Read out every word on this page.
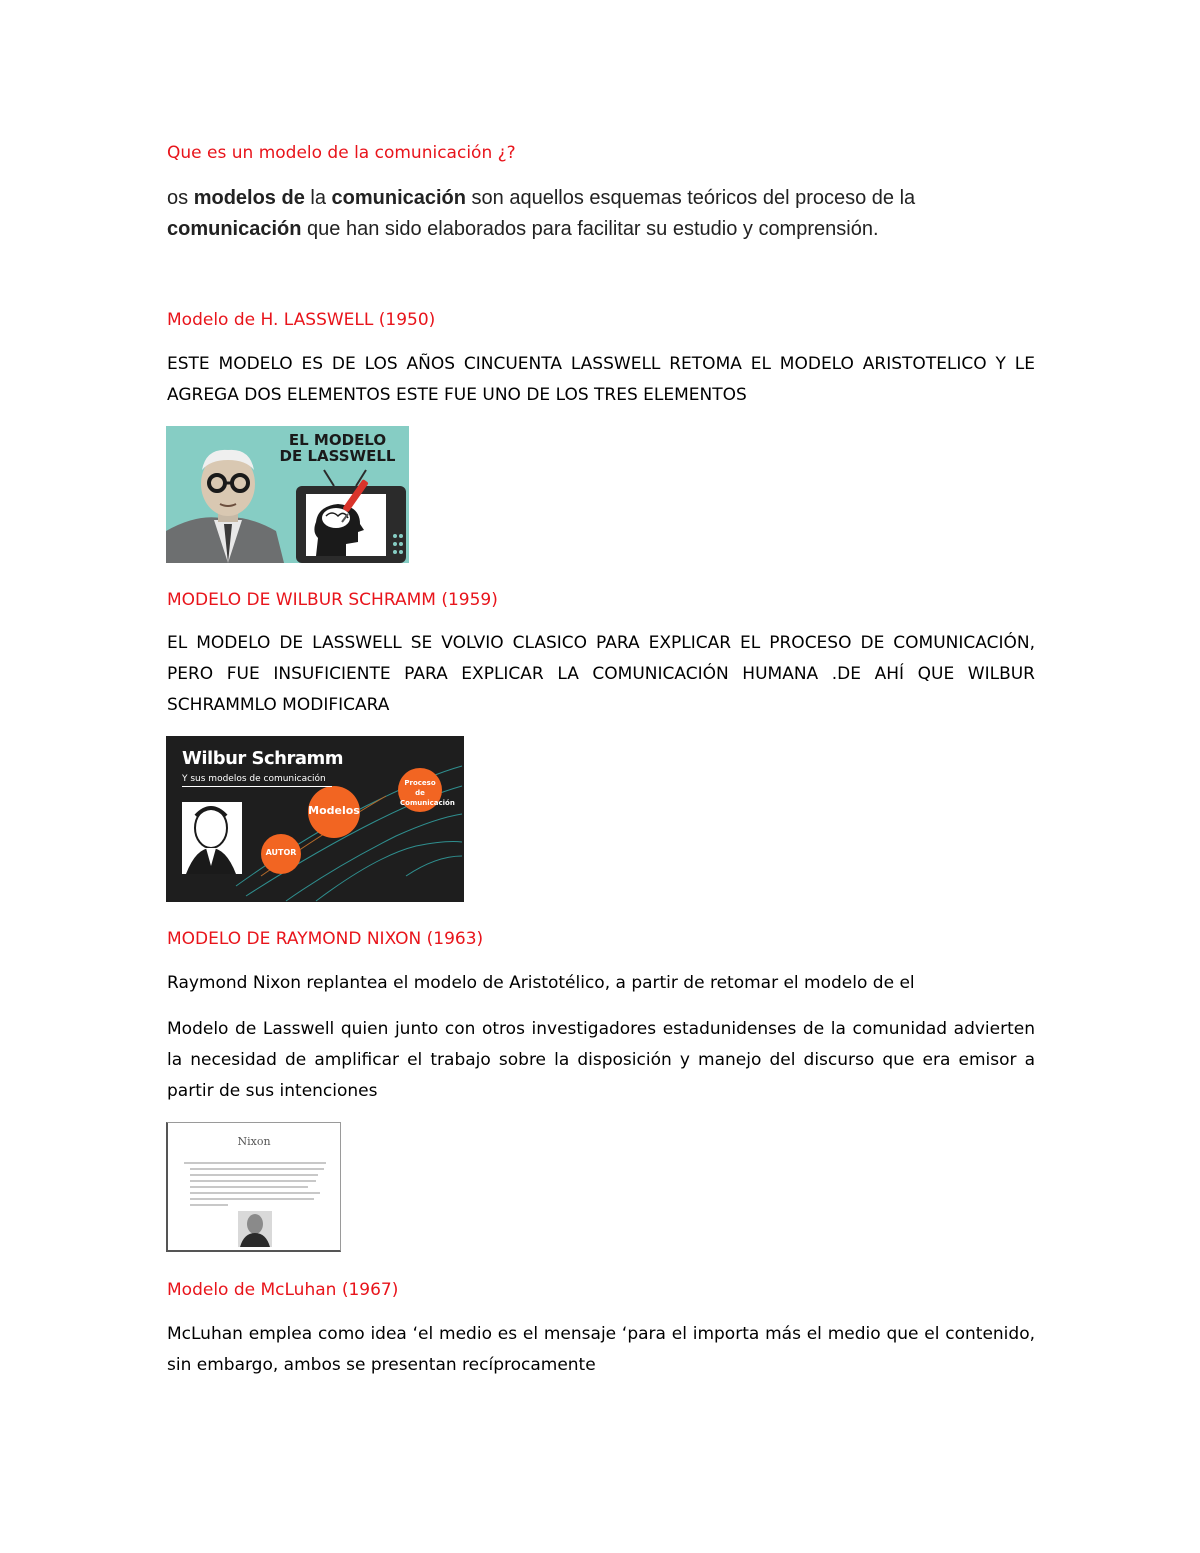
Que es un modelo de la comunicación ¿?

os modelos de la comunicación son aquellos esquemas teóricos del proceso de la comunicación que han sido elaborados para facilitar su estudio y comprensión.

Modelo de H. LASSWELL (1950)

ESTE MODELO ES DE LOS AÑOS CINCUENTA LASSWELL RETOMA EL MODELO ARISTOTELICO Y LE AGREGA DOS ELEMENTOS ESTE FUE UNO DE LOS TRES ELEMENTOS

EL MODELO
DE LASSWELL

MODELO DE WILBUR SCHRAMM (1959)

EL MODELO DE LASSWELL SE VOLVIO CLASICO PARA EXPLICAR EL PROCESO DE COMUNICACIÓN, PERO FUE INSUFICIENTE PARA EXPLICAR LA COMUNICACIÓN HUMANA .DE AHÍ QUE WILBUR SCHRAMMLO MODIFICARA

Wilbur Schramm
Y sus modelos de comunicación
Modelos
AUTOR
Proceso de Comunicación

MODELO DE RAYMOND NIXON (1963)

Raymond Nixon replantea el modelo de Aristotélico, a partir de retomar el modelo de el

Modelo de Lasswell quien junto con otros investigadores estadunidenses de la comunidad advierten la necesidad de amplificar el trabajo sobre la disposición y manejo del discurso que era emisor a partir de sus intenciones

Nixon

Modelo de McLuhan (1967)

McLuhan emplea como idea ‘el medio es el mensaje ‘para el importa más el medio que el contenido, sin embargo, ambos se presentan recíprocamente
